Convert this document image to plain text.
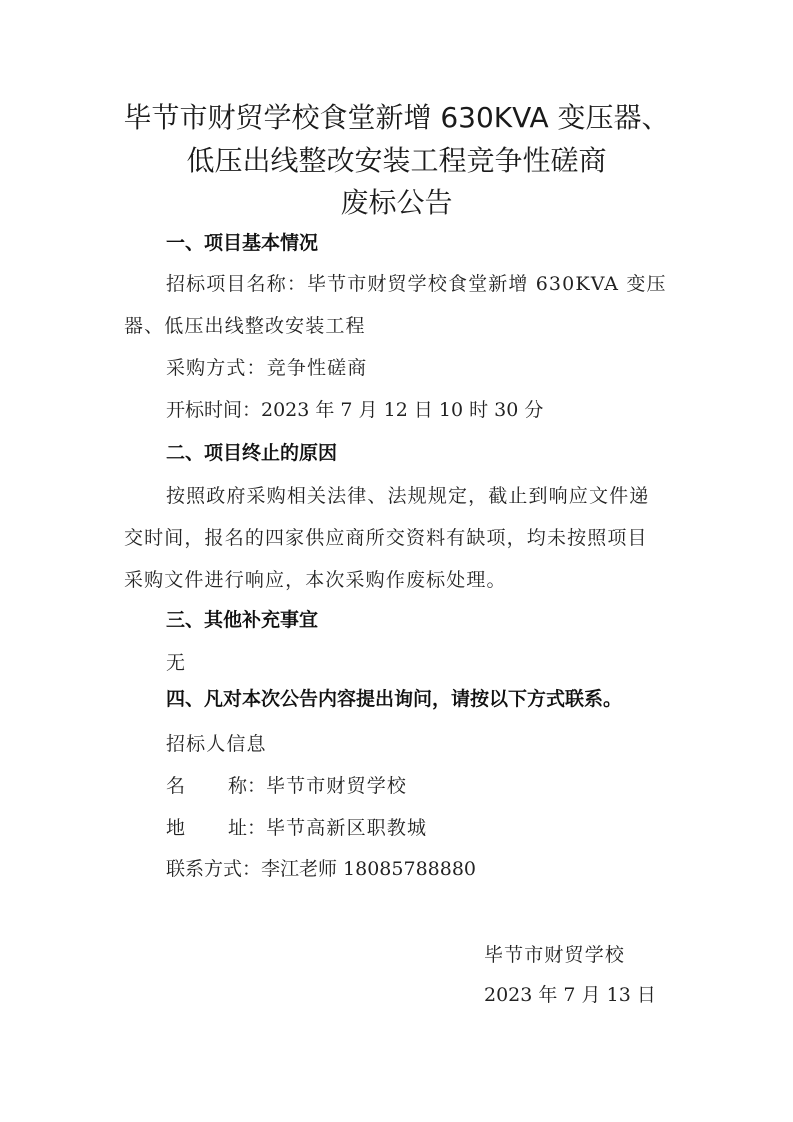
毕节市财贸学校食堂新增 630KVA 变压器、
低压出线整改安装工程竞争性磋商
废标公告
一、项目基本情况

招标项目名称：毕节市财贸学校食堂新增 630KVA 变压

器、低压出线整改安装工程

采购方式：竞争性磋商

开标时间：2023 年 7 月 12 日 10 时 30 分

二、项目终止的原因

按照政府采购相关法律、法规规定，截止到响应文件递

交时间，报名的四家供应商所交资料有缺项，均未按照项目

采购文件进行响应，本次采购作废标处理。

三、其他补充事宜

无

四、凡对本次公告内容提出询问，请按以下方式联系。

招标人信息

名 称：毕节市财贸学校

地 址：毕节高新区职教城

联系方式：李江老师 18085788880

毕节市财贸学校

2023 年 7 月 13 日
